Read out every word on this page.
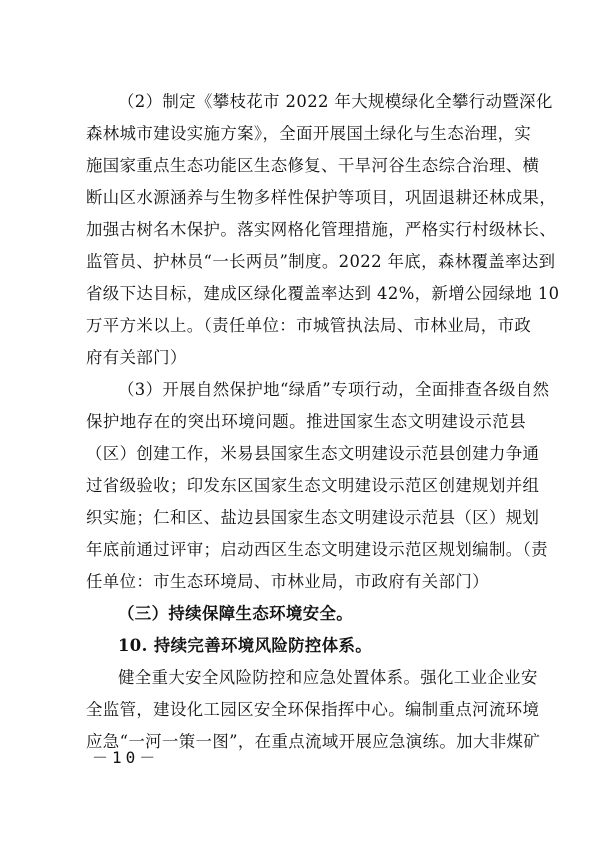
（2）制定《攀枝花市 2022 年大规模绿化全攀行动暨深化
森林城市建设实施方案》，全面开展国土绿化与生态治理，实
施国家重点生态功能区生态修复、干旱河谷生态综合治理、横
断山区水源涵养与生物多样性保护等项目，巩固退耕还林成果，
加强古树名木保护。落实网格化管理措施，严格实行村级林长、
监管员、护林员“一长两员”制度。2022 年底，森林覆盖率达到
省级下达目标，建成区绿化覆盖率达到 42%，新增公园绿地 10
万平方米以上。（责任单位：市城管执法局、市林业局，市政
府有关部门）
（3）开展自然保护地“绿盾”专项行动，全面排查各级自然
保护地存在的突出环境问题。推进国家生态文明建设示范县
（区）创建工作，米易县国家生态文明建设示范县创建力争通
过省级验收；印发东区国家生态文明建设示范区创建规划并组
织实施；仁和区、盐边县国家生态文明建设示范县（区）规划
年底前通过评审；启动西区生态文明建设示范区规划编制。（责
任单位：市生态环境局、市林业局，市政府有关部门）
（三）持续保障生态环境安全。
10. 持续完善环境风险防控体系。
健全重大安全风险防控和应急处置体系。强化工业企业安
全监管，建设化工园区安全环保指挥中心。编制重点河流环境
应急“一河一策一图”，在重点流域开展应急演练。加大非煤矿
－10－
